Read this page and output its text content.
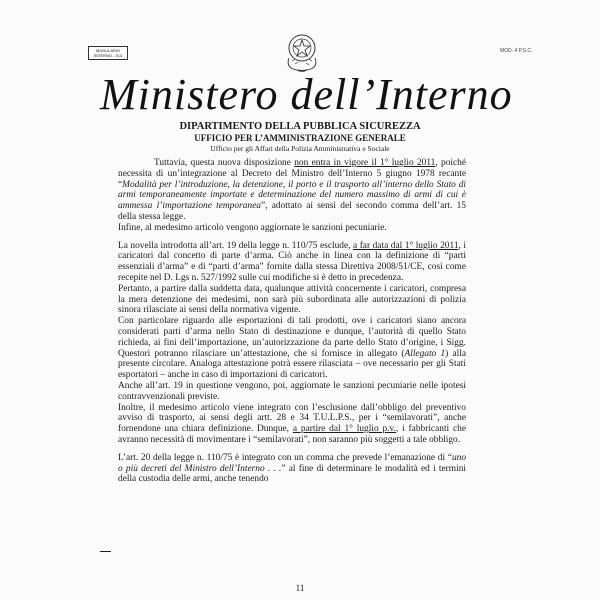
MODULARIO
INTERNO - 314
MOD. 4 P.S.C.
Ministero dell’Interno
DIPARTIMENTO DELLA PUBBLICA SICUREZZA
UFFICIO PER L’AMMINISTRAZIONE GENERALE
Ufficio per gli Affari della Polizia Amministrativa e Sociale

Tuttavia, questa nuova disposizione non entra in vigore il 1° luglio 2011, poiché necessita di un’integrazione al Decreto del Ministro dell’Interno 5 giugno 1978 recante “Modalità per l’introduzione, la detenzione, il porto e il trasporto all’interno dello Stato di armi temporaneamente importate e determinazione del numero massimo di armi di cui è ammessa l’importazione temporanea”, adottato ai sensi del secondo comma dell’art. 15 della stessa legge.

Infine, al medesimo articolo vengono aggiornate le sanzioni pecuniarie.

La novella introdotta all’art. 19 della legge n. 110/75 esclude, a far data dal 1° luglio 2011, i caricatori dal concetto di parte d’arma. Ciò anche in linea con la definizione di “parti essenziali d’arma” e di “parti d’arma” fornite dalla stessa Direttiva 2008/51/CE, così come recepite nel D. Lgs n. 527/1992 sulle cui modifiche si è detto in precedenza.

Pertanto, a partire dalla suddetta data, qualunque attività concernente i caricatori, compresa la mera detenzione dei medesimi, non sarà più subordinata alle autorizzazioni di polizia sinora rilasciate ai sensi della normativa vigente.

Con particolare riguardo alle esportazioni di tali prodotti, ove i caricatori siano ancora considerati parti d’arma nello Stato di destinazione e dunque, l’autorità di quello Stato richieda, ai fini dell’importazione, un’autorizzazione da parte dello Stato d’origine, i Sigg. Questori potranno rilasciare un’attestazione, che si fornisce in allegato (Allegato 1) alla presente circolare. Analoga attestazione potrà essere rilasciata – ove necessario per gli Stati esportatori – anche in caso di importazioni di caricatori.

Anche all’art. 19 in questione vengono, poi, aggiornate le sanzioni pecuniarie nelle ipotesi contravvenzionali previste.

Inoltre, il medesimo articolo viene integrato con l’esclusione dall’obbligo del preventivo avviso di trasporto, ai sensi degli artt. 28 e 34 T.U.L.P.S., per i “semilavorati”, anche fornendone una chiara definizione. Dunque, a partire dal 1° luglio p.v., i fabbricanti che avranno necessità di movimentare i “semilavorati”, non saranno più soggetti a tale obbligo.

L’art. 20 della legge n. 110/75 è integrato con un comma che prevede l’emanazione di “uno o più decreti del Ministro dell’Interno . . .” al fine di determinare le modalità ed i termini della custodia delle armi, anche tenendo

11
